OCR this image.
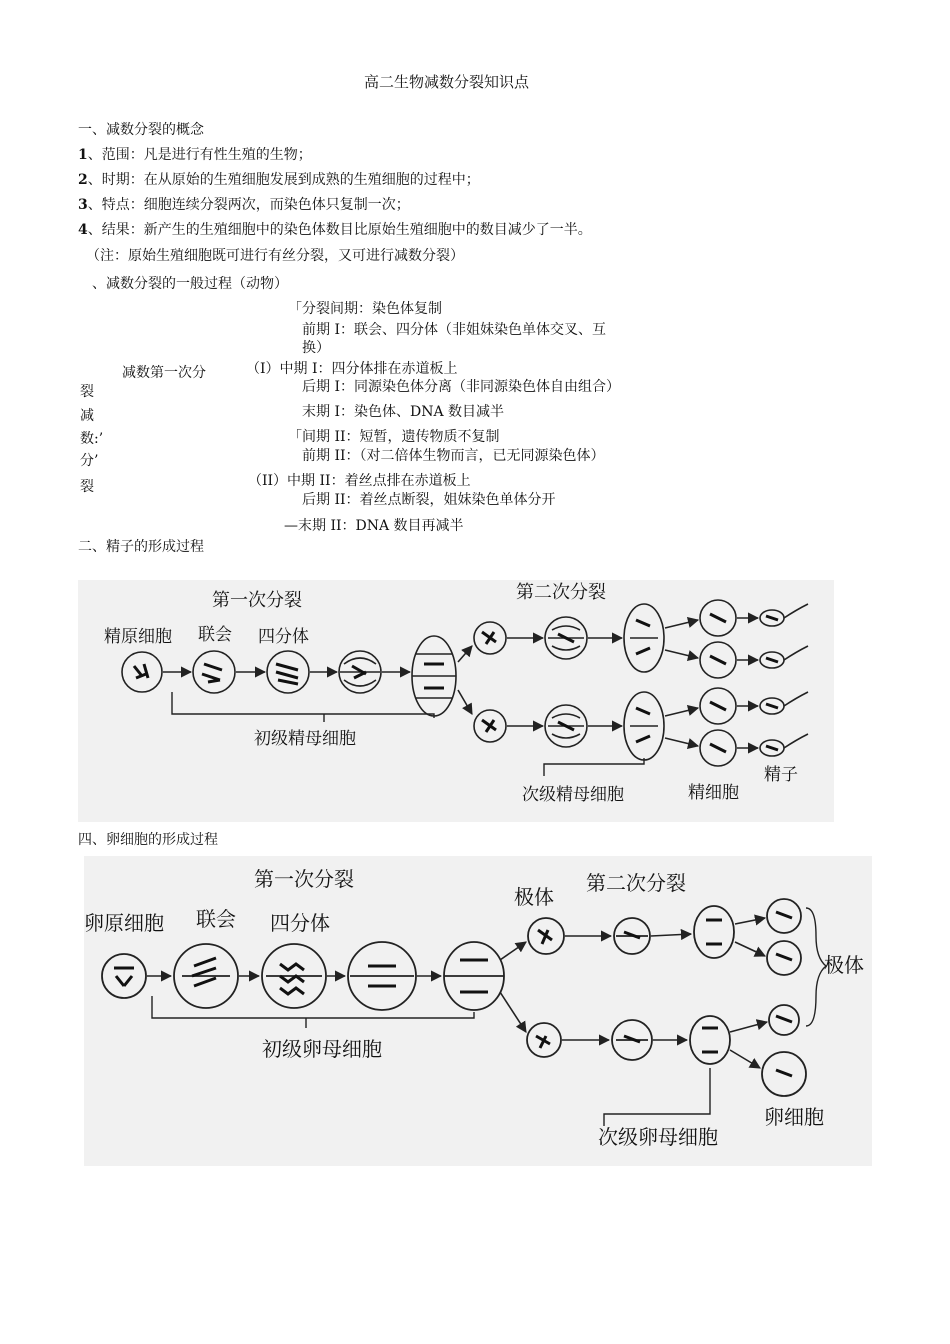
高二生物减数分裂知识点
一、减数分裂的概念
1、范围：凡是进行有性生殖的生物；
2、时期：在从原始的生殖细胞发展到成熟的生殖细胞的过程中；
3、特点：细胞连续分裂两次，而染色体只复制一次；
4、结果：新产生的生殖细胞中的染色体数目比原始生殖细胞中的数目减少了一半。
（注：原始生殖细胞既可进行有丝分裂，又可进行减数分裂）
、减数分裂的一般过程（动物）
减数第一次分
裂
减
数:’
分’
裂
「分裂间期：染色体复制
前期 I：联会、四分体（非姐妹染色单体交叉、互
换）
（I）中期 I：四分体排在赤道板上
后期 I：同源染色体分离（非同源染色体自由组合）
末期 I：染色体、DNA 数目减半
「间期 II：短暂，遗传物质不复制
前期 II：（对二倍体生物而言，已无同源染色体）
（II）中期 II：着丝点排在赤道板上
后期 II：着丝点断裂，姐妹染色单体分开
—末期 II：DNA 数目再减半
二、精子的形成过程
第一次分裂	第二次分裂
精原细胞 联会 四分体
初级精母细胞
次级精母细胞	精细胞
精子
四、卵细胞的形成过程
第一次分裂	第二次分裂
卵原细胞 联会 四分体
极体
极体
初级卵母细胞
次级卵母细胞
卵细胞
